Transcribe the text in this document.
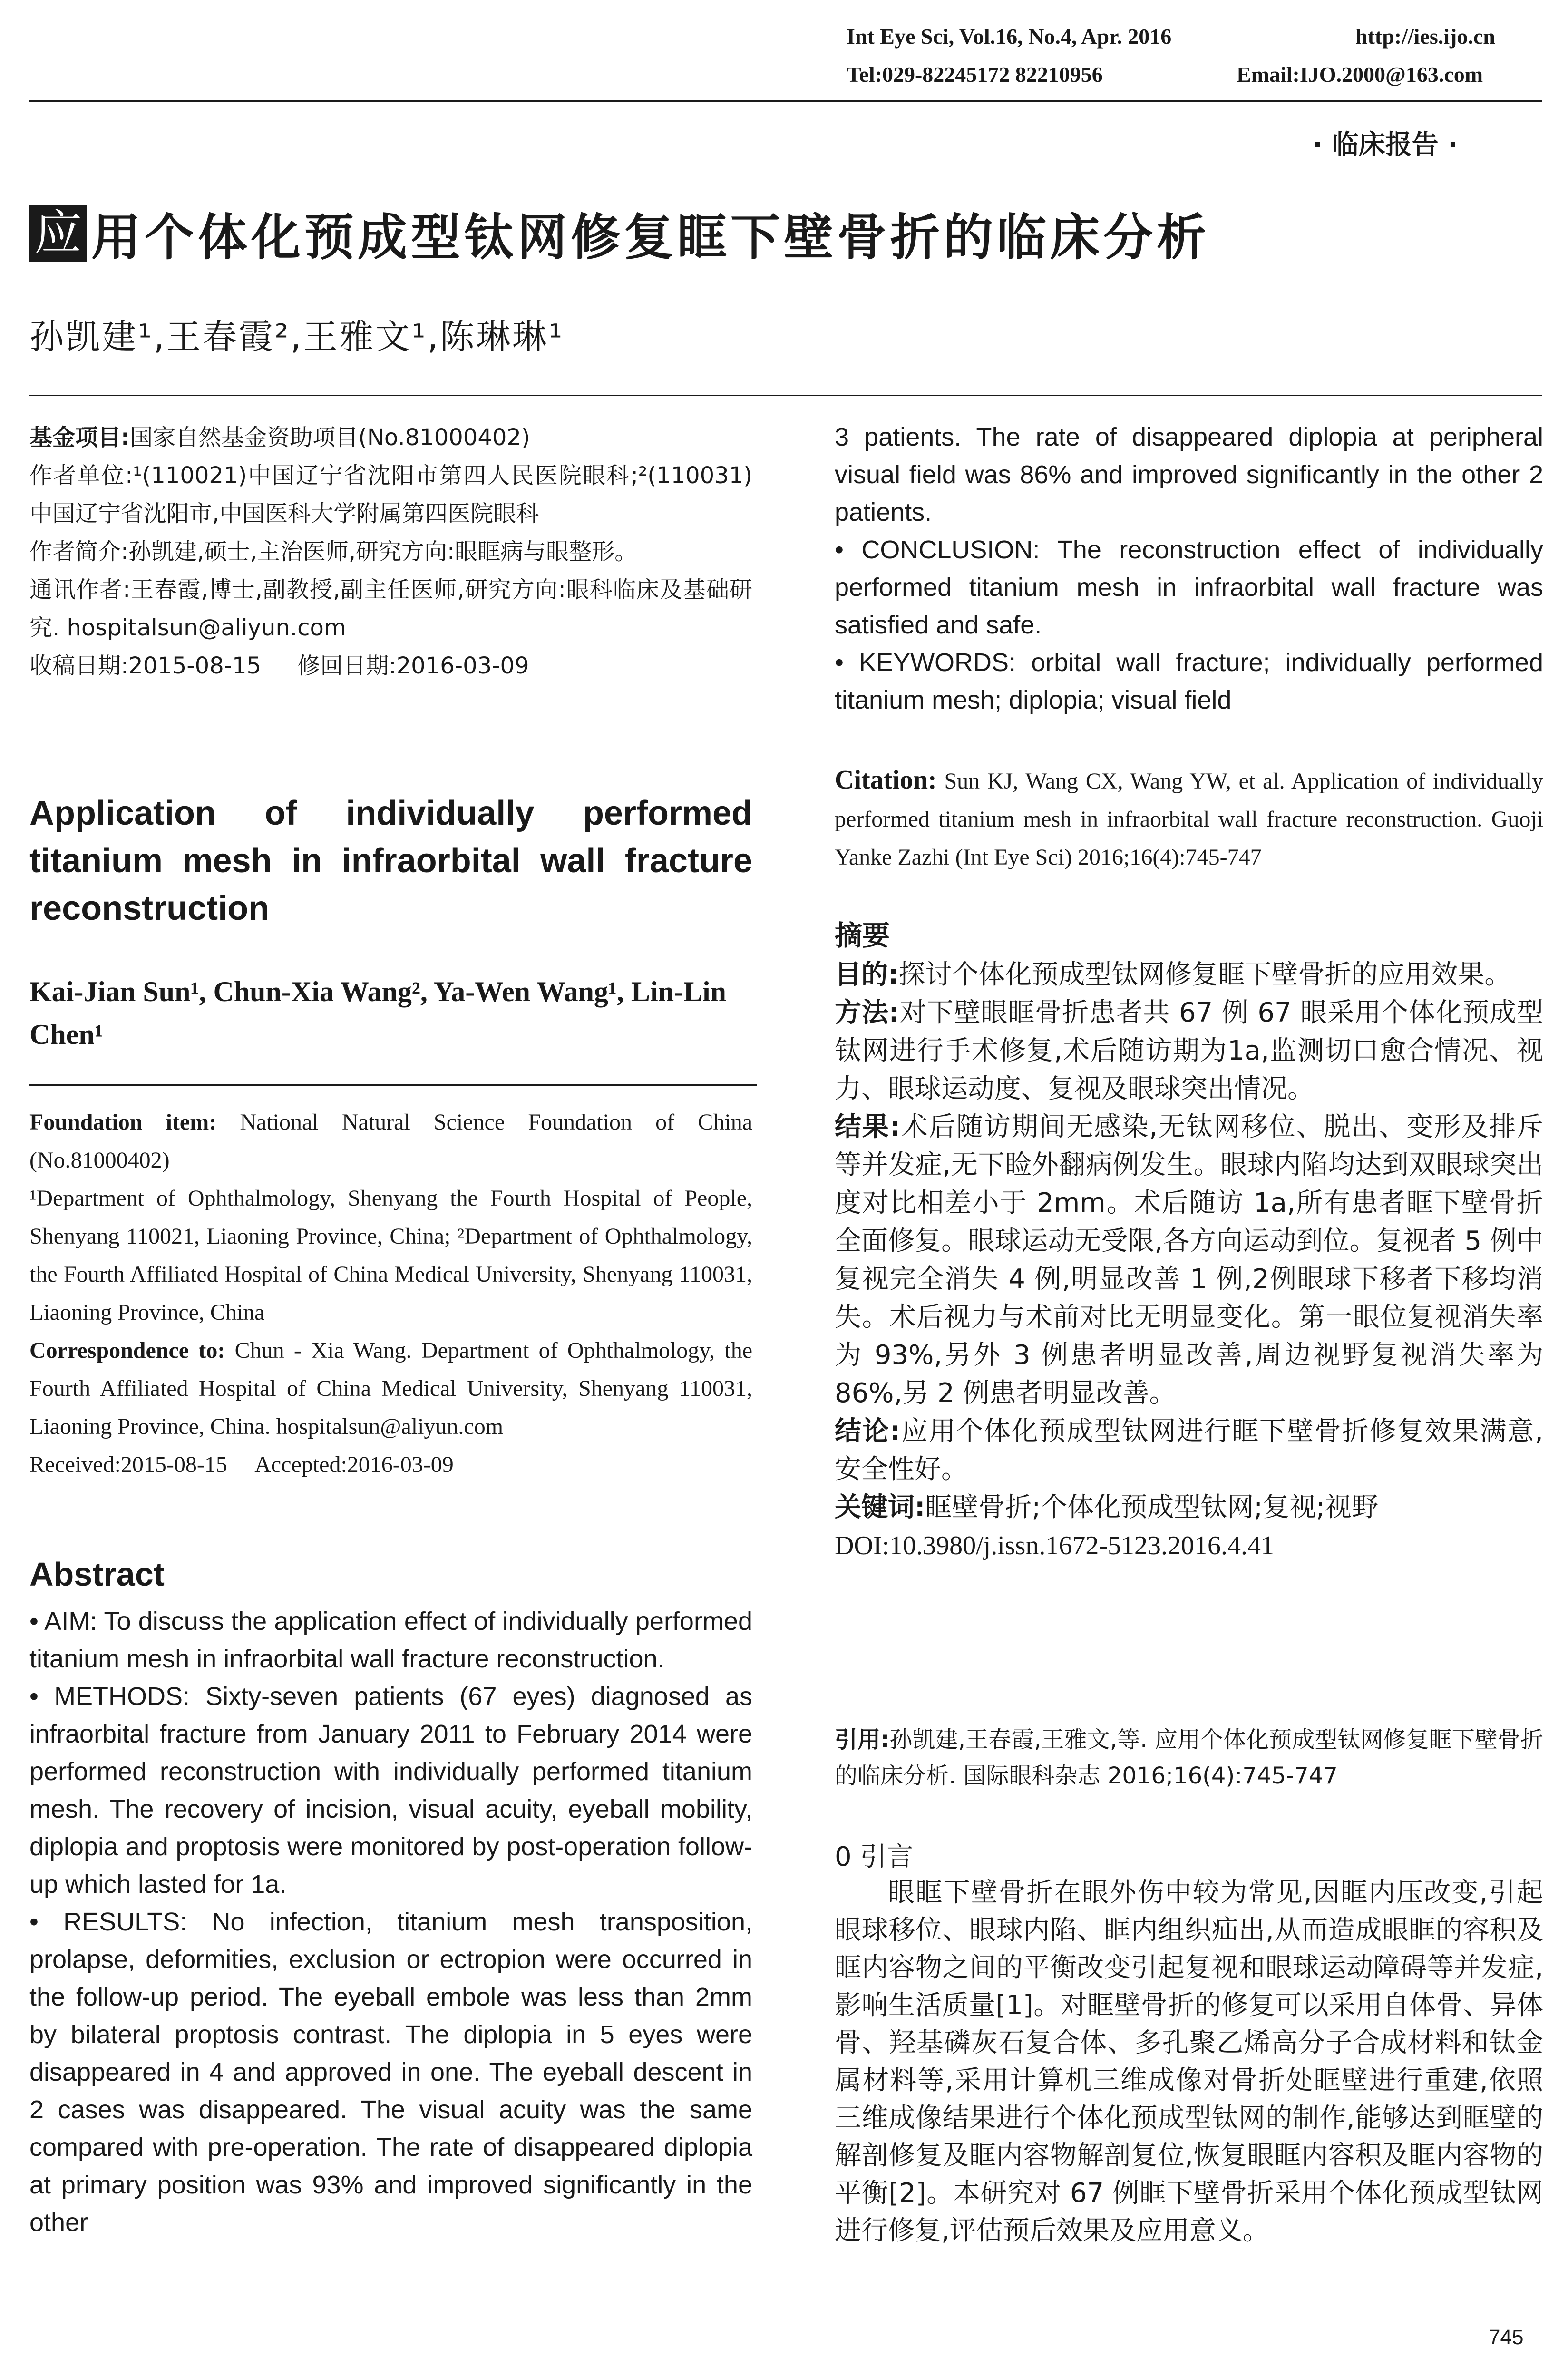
Int Eye Sci, Vol.16, No.4, Apr. 2016	http://ies.ijo.cn
Tel:029-82245172 82210956	Email:IJO.2000@163.com
· 临床报告 ·
应 用个体化预成型钛网修复眶下壁骨折的临床分析
孙凯建¹,王春霞²,王雅文¹,陈琳琳¹

基金项目:国家自然基金资助项目(No.81000402)

作者单位:¹(110021)中国辽宁省沈阳市第四人民医院眼科;²(110031)中国辽宁省沈阳市,中国医科大学附属第四医院眼科

作者简介:孙凯建,硕士,主治医师,研究方向:眼眶病与眼整形。

通讯作者:王春霞,博士,副教授,副主任医师,研究方向:眼科临床及基础研究. hospitalsun@aliyun.com

收稿日期:2015-08-15     修回日期:2016-03-09

Application of individually performed titanium mesh in infraorbital wall fracture reconstruction
Kai-Jian Sun¹, Chun-Xia Wang², Ya-Wen Wang¹, Lin-Lin Chen¹

Foundation item: National Natural Science Foundation of China (No.81000402)

¹Department of Ophthalmology, Shenyang the Fourth Hospital of People, Shenyang 110021, Liaoning Province, China; ²Department of Ophthalmology, the Fourth Affiliated Hospital of China Medical University, Shenyang 110031, Liaoning Province, China

Correspondence to: Chun - Xia Wang. Department of Ophthalmology, the Fourth Affiliated Hospital of China Medical University, Shenyang 110031, Liaoning Province, China. hospitalsun@aliyun.com

Received:2015-08-15     Accepted:2016-03-09

Abstract

• AIM: To discuss the application effect of individually performed titanium mesh in infraorbital wall fracture reconstruction.

• METHODS: Sixty-seven patients (67 eyes) diagnosed as infraorbital fracture from January 2011 to February 2014 were performed reconstruction with individually performed titanium mesh. The recovery of incision, visual acuity, eyeball mobility, diplopia and proptosis were monitored by post-operation follow-up which lasted for 1a.

• RESULTS: No infection, titanium mesh transposition, prolapse, deformities, exclusion or ectropion were occurred in the follow-up period. The eyeball embole was less than 2mm by bilateral proptosis contrast. The diplopia in 5 eyes were disappeared in 4 and approved in one. The eyeball descent in 2 cases was disappeared. The visual acuity was the same compared with pre-operation. The rate of disappeared diplopia at primary position was 93% and improved significantly in the other

3 patients. The rate of disappeared diplopia at peripheral visual field was 86% and improved significantly in the other 2 patients.

• CONCLUSION: The reconstruction effect of individually performed titanium mesh in infraorbital wall fracture was satisfied and safe.

• KEYWORDS: orbital wall fracture; individually performed titanium mesh; diplopia; visual field

Citation: Sun KJ, Wang CX, Wang YW, et al. Application of individually performed titanium mesh in infraorbital wall fracture reconstruction. Guoji Yanke Zazhi (Int Eye Sci) 2016;16(4):745-747

摘要

目的:探讨个体化预成型钛网修复眶下壁骨折的应用效果。

方法:对下壁眼眶骨折患者共 67 例 67 眼采用个体化预成型钛网进行手术修复,术后随访期为1a,监测切口愈合情况、视力、眼球运动度、复视及眼球突出情况。

结果:术后随访期间无感染,无钛网移位、脱出、变形及排斥等并发症,无下睑外翻病例发生。眼球内陷均达到双眼球突出度对比相差小于 2mm。术后随访 1a,所有患者眶下壁骨折全面修复。眼球运动无受限,各方向运动到位。复视者 5 例中复视完全消失 4 例,明显改善 1 例,2例眼球下移者下移均消失。术后视力与术前对比无明显变化。第一眼位复视消失率为 93%,另外 3 例患者明显改善,周边视野复视消失率为 86%,另 2 例患者明显改善。

结论:应用个体化预成型钛网进行眶下壁骨折修复效果满意,安全性好。

关键词:眶壁骨折;个体化预成型钛网;复视;视野

DOI:10.3980/j.issn.1672-5123.2016.4.41

引用:孙凯建,王春霞,王雅文,等. 应用个体化预成型钛网修复眶下壁骨折的临床分析. 国际眼科杂志 2016;16(4):745-747

0 引言
眼眶下壁骨折在眼外伤中较为常见,因眶内压改变,引起眼球移位、眼球内陷、眶内组织疝出,从而造成眼眶的容积及眶内容物之间的平衡改变引起复视和眼球运动障碍等并发症,影响生活质量[1]。对眶壁骨折的修复可以采用自体骨、异体骨、羟基磷灰石复合体、多孔聚乙烯高分子合成材料和钛金属材料等,采用计算机三维成像对骨折处眶壁进行重建,依照三维成像结果进行个体化预成型钛网的制作,能够达到眶壁的解剖修复及眶内容物解剖复位,恢复眼眶内容积及眶内容物的平衡[2]。本研究对 67 例眶下壁骨折采用个体化预成型钛网进行修复,评估预后效果及应用意义。
745
